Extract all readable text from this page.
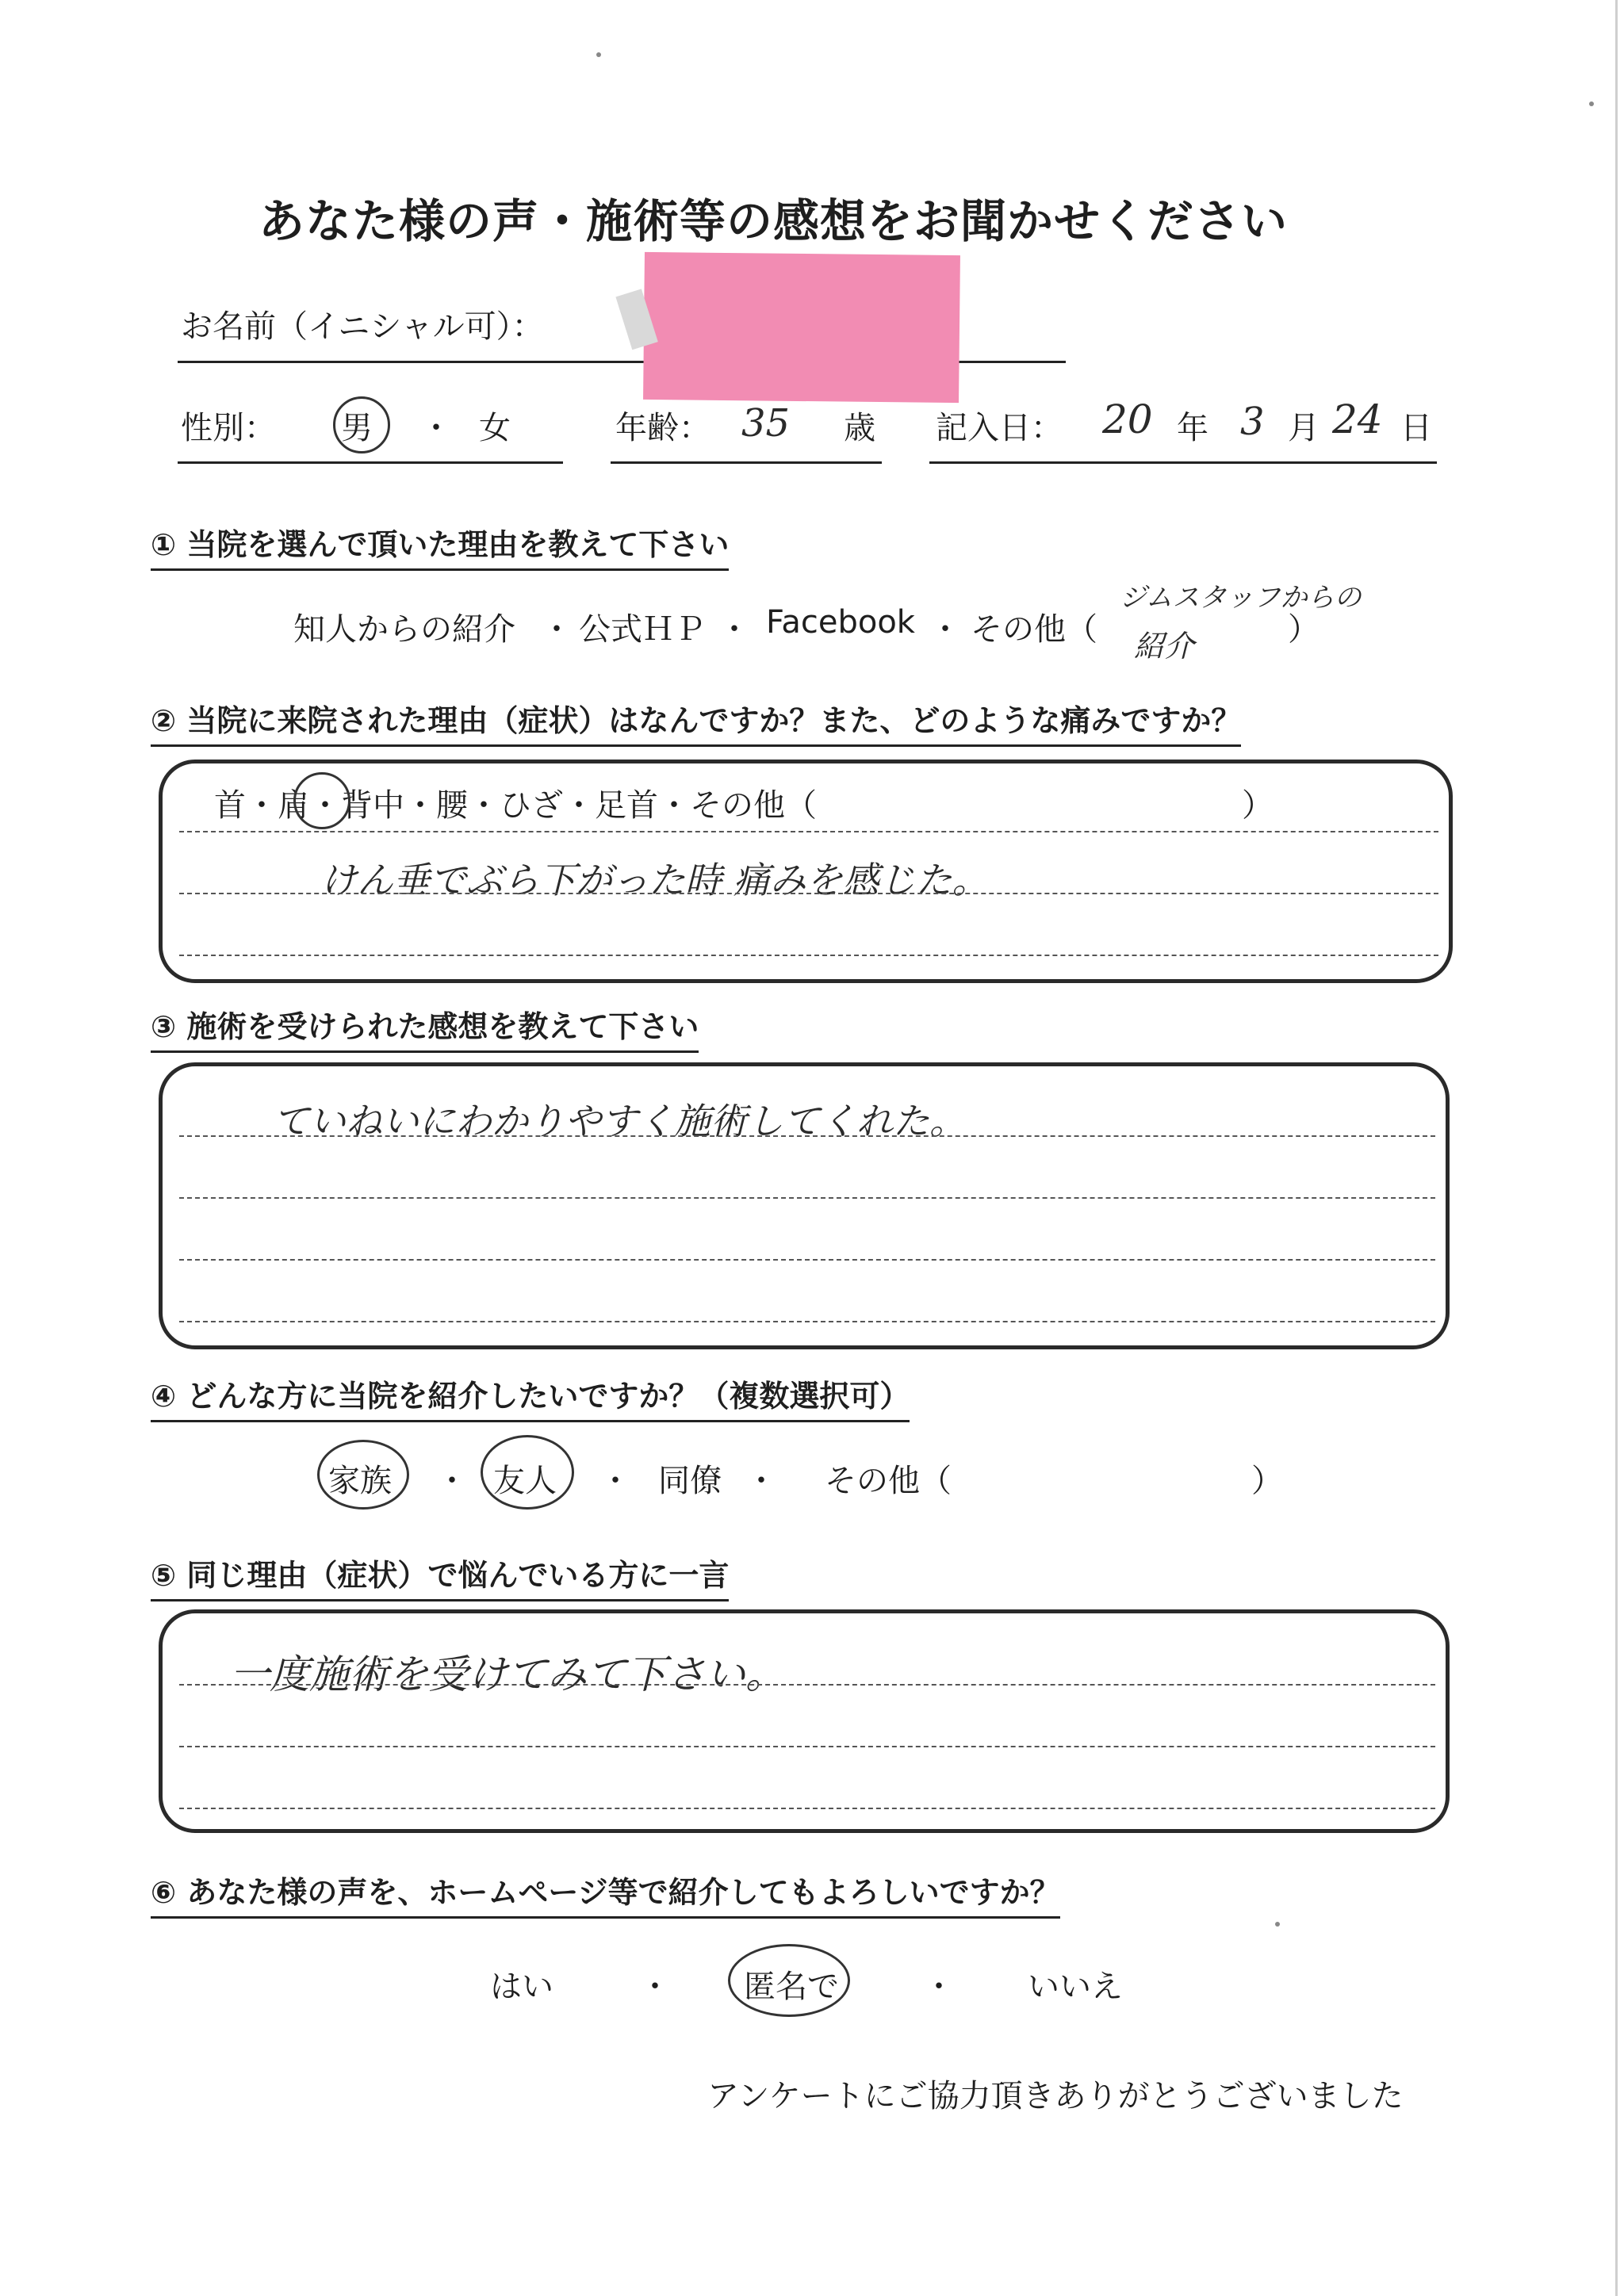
あなた様の声・施術等の感想をお聞かせください
お名前（イニシャル可）：
性別： 男 ・ 女	年齢： 35 歳 記入日： 20 年 3 月 24 日
① 当院を選んで頂いた理由を教えて下さい
知人からの紹介 ・ 公式ＨＰ ・ Facebook ・ その他（	）
ジムスタッフからの
紹介
② 当院に来院された理由（症状）はなんですか？また、どのような痛みですか？
首・肩・背中・腰・ひざ・足首・その他（	）
けん垂でぶら下がった時 痛みを感じた。
③ 施術を受けられた感想を教えて下さい
ていねいにわかりやすく施術してくれた。
④ どんな方に当院を紹介したいですか？（複数選択可）
家族 ・ 友人 ・ 同僚 ・ その他（	）
⑤ 同じ理由（症状）で悩んでいる方に一言
一度施術を受けてみて下さい。
⑥ あなた様の声を、ホームページ等で紹介してもよろしいですか？
はい	・ 匿名で	・ いいえ
アンケートにご協力頂きありがとうございました
